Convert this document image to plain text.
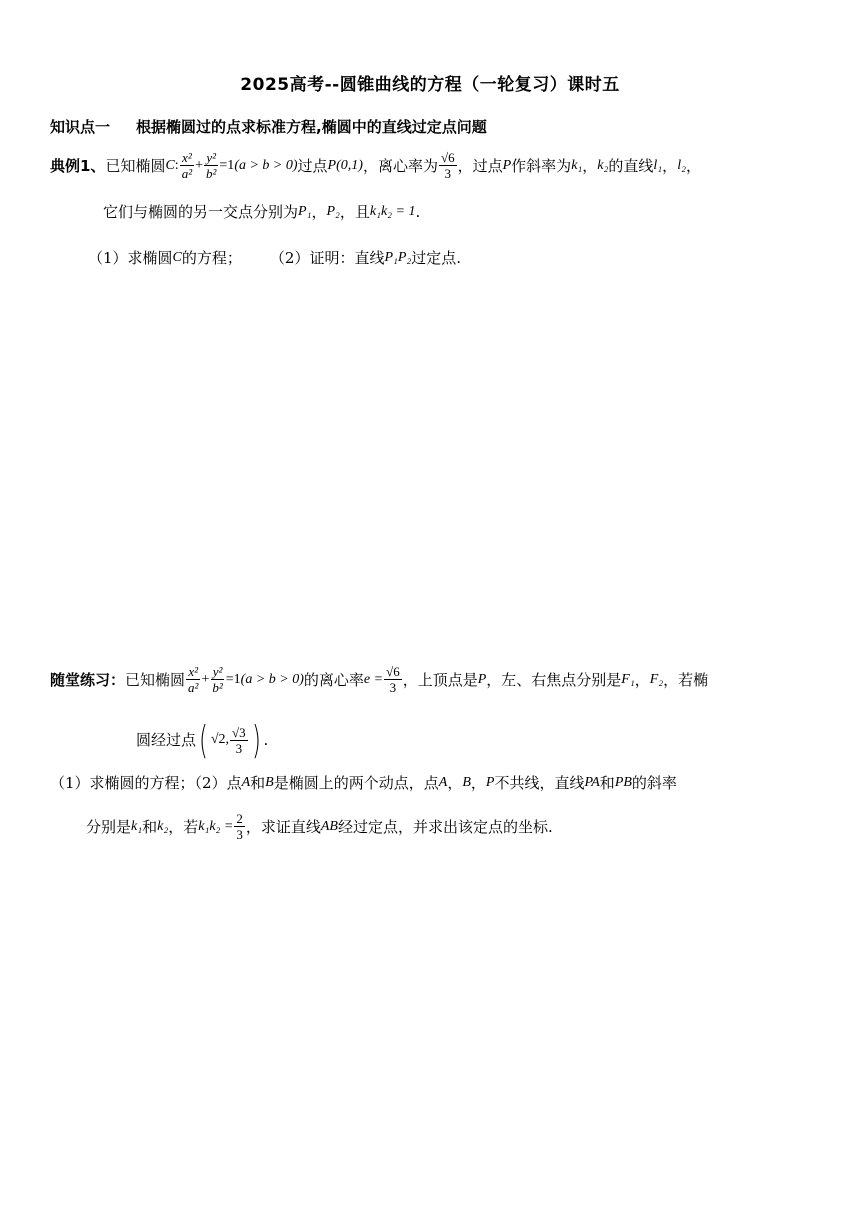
2025高考--圆锥曲线的方程（一轮复习）课时五
知识点一 根据椭圆过的点求标准方程,椭圆中的直线过定点问题
典例1、 已知椭圆 C : $\frac{\text{x²}}{\text{a²}} + \frac{\text{y²}}{\text{b²}} =1$ (a > b > 0) 过点 P(0,1) ，离心率为 $\frac{√6}{3}$ ，过点 P 作斜率为 k₁ ， k₂ 的直线 l₁ ， l₂ ，
它们与椭圆的另一交点分别为 P₁ ， P₂ ，且 k₁k₂ = 1 .
（1）求椭圆 C 的方程； （2）证明：直线 P₁P₂ 过定点.
随堂练习： 已知椭圆 $\frac{\text{x²}}{\text{a²}} + \frac{\text{y²}}{\text{b²}} =1$ (a > b > 0) 的离心率 $e = \frac{√6}{3}$ ，上顶点是 P ，左、右焦点分别是 F₁ ， F₂ ，若椭
圆经过点 ( √2, $\frac{√3}{3}$ ) .
（1）求椭圆的方程；（2）点 A 和 B 是椭圆上的两个动点，点 A ， B ， P 不共线，直线 PA 和 PB 的斜率
分别是 k₁ 和 k₂ ，若 $k_1k_2 = \frac{2}{3}$ ，求证直线 AB 经过定点，并求出该定点的坐标.
